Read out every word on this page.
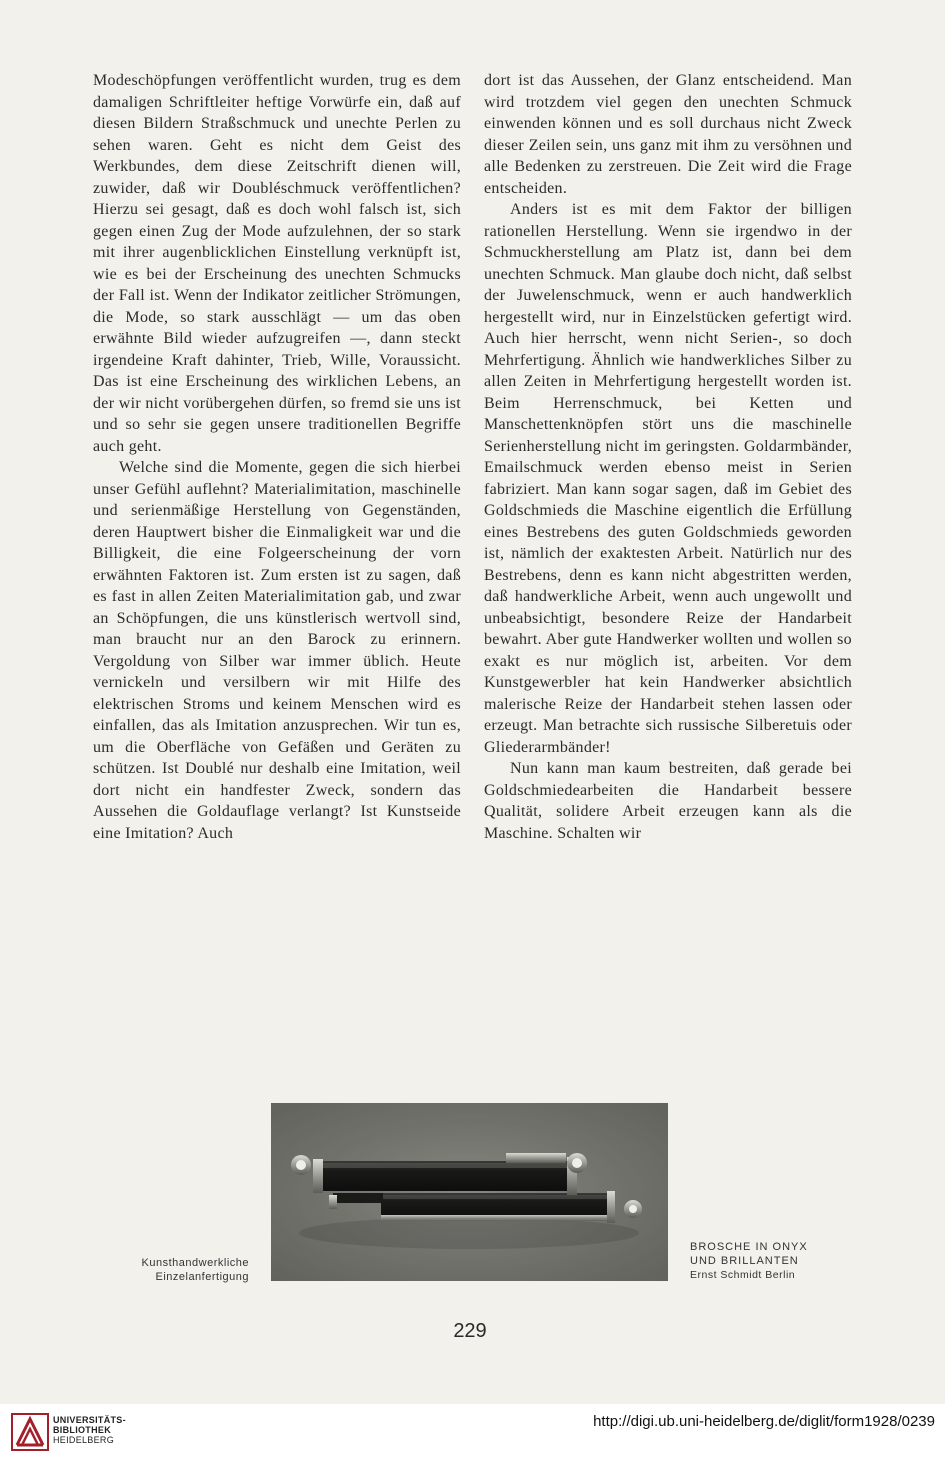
Modeschöpfungen veröffentlicht wurden, trug es dem damaligen Schriftleiter heftige Vorwürfe ein, daß auf diesen Bildern Straßschmuck und unechte Perlen zu sehen waren. Geht es nicht dem Geist des Werkbundes, dem diese Zeitschrift dienen will, zuwider, daß wir Doubléschmuck veröffentlichen? Hierzu sei gesagt, daß es doch wohl falsch ist, sich gegen einen Zug der Mode aufzulehnen, der so stark mit ihrer augenblicklichen Einstellung verknüpft ist, wie es bei der Erscheinung des unechten Schmucks der Fall ist. Wenn der Indikator zeitlicher Strömungen, die Mode, so stark ausschlägt — um das oben erwähnte Bild wieder aufzugreifen —, dann steckt irgendeine Kraft dahinter, Trieb, Wille, Voraussicht. Das ist eine Erscheinung des wirklichen Lebens, an der wir nicht vorübergehen dürfen, so fremd sie uns ist und so sehr sie gegen unsere traditionellen Begriffe auch geht.

Welche sind die Momente, gegen die sich hierbei unser Gefühl auflehnt? Materialimitation, maschinelle und serienmäßige Herstellung von Gegenständen, deren Hauptwert bisher die Einmaligkeit war und die Billigkeit, die eine Folgeerscheinung der vorn erwähnten Faktoren ist. Zum ersten ist zu sagen, daß es fast in allen Zeiten Materialimitation gab, und zwar an Schöpfungen, die uns künstlerisch wertvoll sind, man braucht nur an den Barock zu erinnern. Vergoldung von Silber war immer üblich. Heute vernickeln und versilbern wir mit Hilfe des elektrischen Stroms und keinem Menschen wird es einfallen, das als Imitation anzusprechen. Wir tun es, um die Oberfläche von Gefäßen und Geräten zu schützen. Ist Doublé nur deshalb eine Imitation, weil dort nicht ein handfester Zweck, sondern das Aussehen die Goldauflage verlangt? Ist Kunstseide eine Imitation? Auch

dort ist das Aussehen, der Glanz entscheidend. Man wird trotzdem viel gegen den unechten Schmuck einwenden können und es soll durchaus nicht Zweck dieser Zeilen sein, uns ganz mit ihm zu versöhnen und alle Bedenken zu zerstreuen. Die Zeit wird die Frage entscheiden.

Anders ist es mit dem Faktor der billigen rationellen Herstellung. Wenn sie irgendwo in der Schmuckherstellung am Platz ist, dann bei dem unechten Schmuck. Man glaube doch nicht, daß selbst der Juwelenschmuck, wenn er auch handwerklich hergestellt wird, nur in Einzelstücken gefertigt wird. Auch hier herrscht, wenn nicht Serien-, so doch Mehrfertigung. Ähnlich wie handwerkliches Silber zu allen Zeiten in Mehrfertigung hergestellt worden ist. Beim Herrenschmuck, bei Ketten und Manschettenknöpfen stört uns die maschinelle Serienherstellung nicht im geringsten. Goldarmbänder, Emailschmuck werden ebenso meist in Serien fabriziert. Man kann sogar sagen, daß im Gebiet des Goldschmieds die Maschine eigentlich die Erfüllung eines Bestrebens des guten Goldschmieds geworden ist, nämlich der exaktesten Arbeit. Natürlich nur des Bestrebens, denn es kann nicht abgestritten werden, daß handwerkliche Arbeit, wenn auch ungewollt und unbeabsichtigt, besondere Reize der Handarbeit bewahrt. Aber gute Handwerker wollten und wollen so exakt es nur möglich ist, arbeiten. Vor dem Kunstgewerbler hat kein Handwerker absichtlich malerische Reize der Handarbeit stehen lassen oder erzeugt. Man betrachte sich russische Silberetuis oder Gliederarmbänder!

Nun kann man kaum bestreiten, daß gerade bei Goldschmiedearbeiten die Handarbeit bessere Qualität, solidere Arbeit erzeugen kann als die Maschine. Schalten wir

Kunsthandwerkliche
Einzelanfertigung
BROSCHE IN ONYX
UND BRILLANTEN
Ernst Schmidt Berlin
229
UNIVERSITÄTS-
BIBLIOTHEK
HEIDELBERG
http://digi.ub.uni-heidelberg.de/diglit/form1928/0239
